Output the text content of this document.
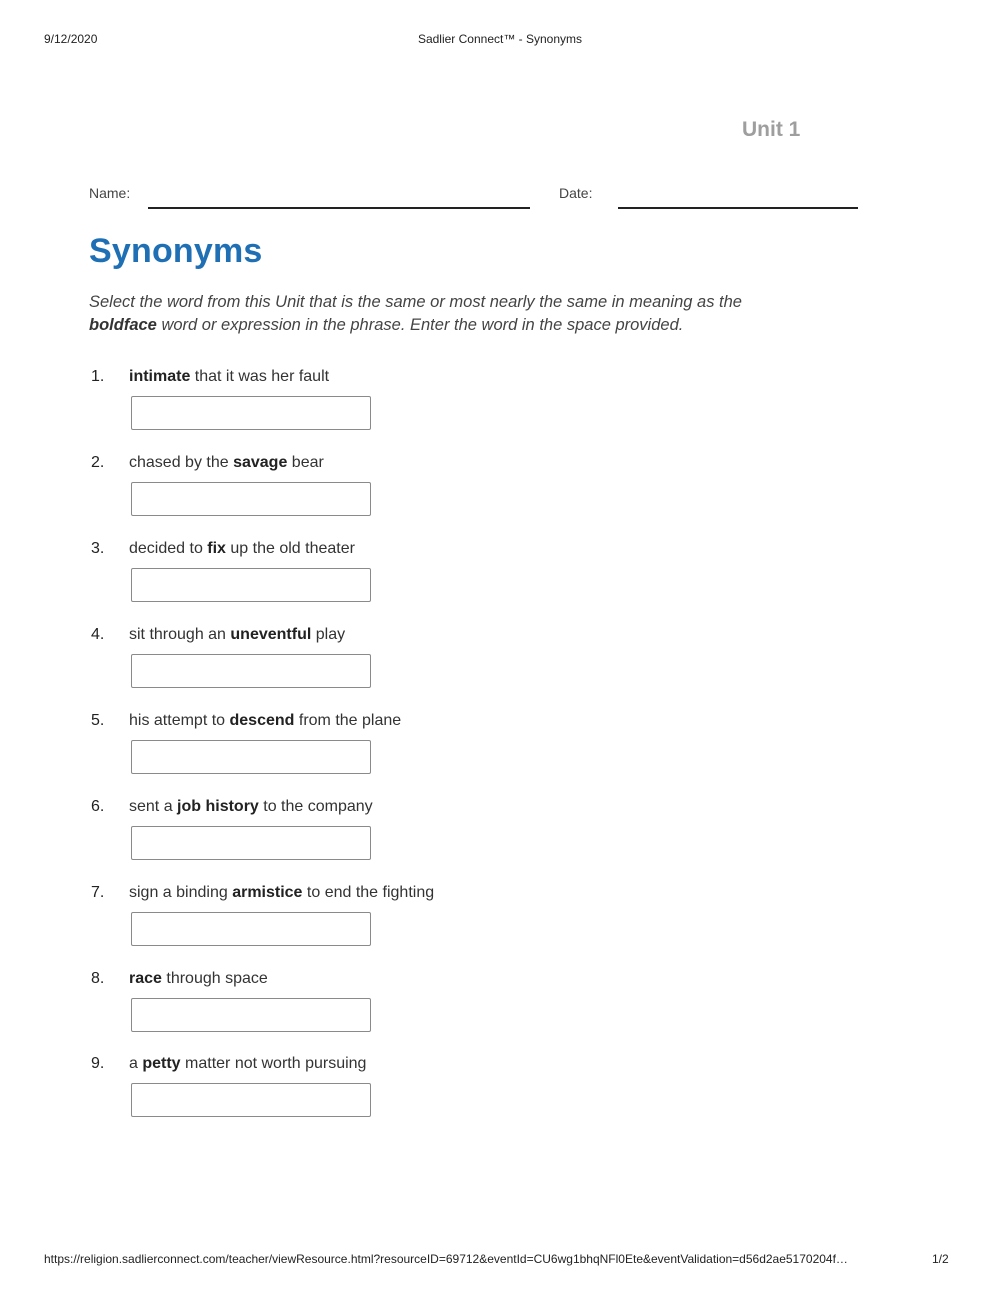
9/12/2020	Sadlier Connect™ - Synonyms
Unit 1
Name:	Date:
Synonyms
Select the word from this Unit that is the same or most nearly the same in meaning as the
boldface word or expression in the phrase. Enter the word in the space provided.
1. intimate that it was her fault
2. chased by the savage bear
3. decided to fix up the old theater
4. sit through an uneventful play
5. his attempt to descend from the plane
6. sent a job history to the company
7. sign a binding armistice to end the fighting
8. race through space
9. a petty matter not worth pursuing
https://religion.sadlierconnect.com/teacher/viewResource.html?resourceID=69712&eventId=CU6wg1bhqNFl0Ete&eventValidation=d56d2ae5170204f…	1/2
